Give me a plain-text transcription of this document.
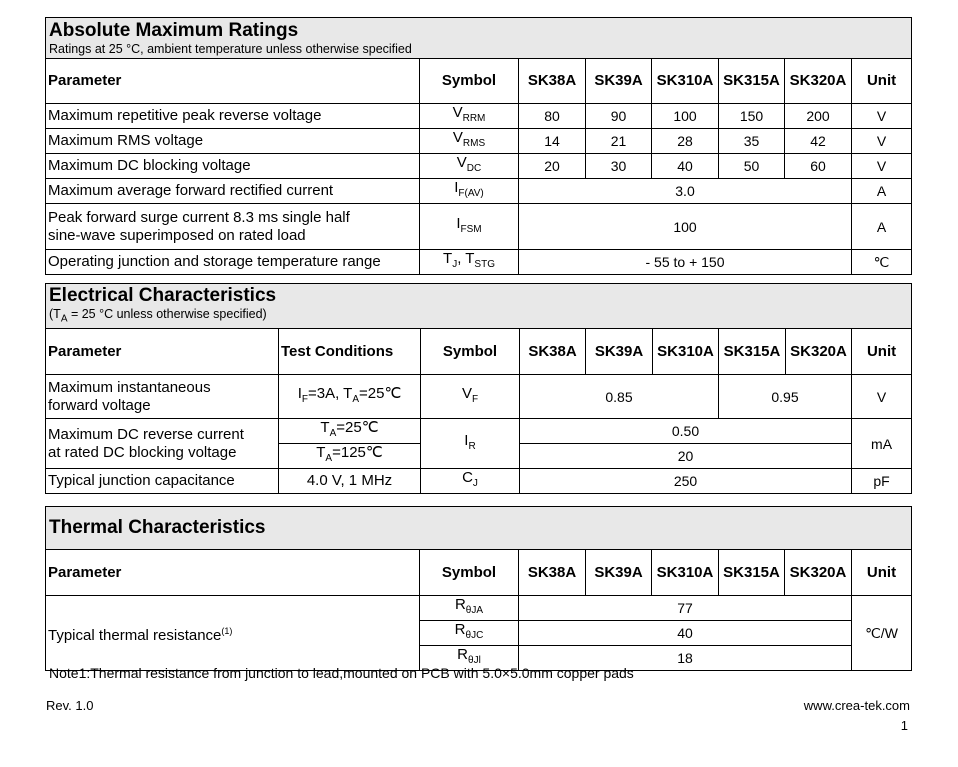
Absolute Maximum Ratings
Ratings at 25 °C, ambient temperature unless otherwise specified							

Parameter	Symbol	SK38A	SK39A	SK310A	SK315A	SK320A	Unit
Maximum repetitive peak reverse voltage	$V_{RRM}$	80	90	100	150	200	V
Maximum RMS voltage	$V_{RMS}$	14	21	28	35	42	V
Maximum DC blocking voltage	$V_{DC}$	20	30	40	50	60	V
Maximum average forward rectified current	$I_{F(AV)}$	3.0					A
Peak forward surge current 8.3 ms single half
sine-wave superimposed on rated load	$I_{FSM}$	100					A
Operating junction and storage temperature range	$T_J$, $T_{STG}$	- 55 to + 150					℃
Electrical Characteristics
($T_A = 25$ °C unless otherwise specified)								

Parameter	Test Conditions	Symbol	SK38A	SK39A	SK310A	SK315A	SK320A	Unit
Maximum instantaneous
forward voltage	$I_F=3A$, $T_A=25℃$	$V_F$	0.85			0.95		V
Maximum DC reverse current
at rated DC blocking voltage	$T_A=25℃$	$I_R$	0.50					mA
	$T_A=125℃$		20					
Typical junction capacitance	4.0 V, 1 MHz	$C_J$	250					pF
Thermal Characteristics							

Parameter	Symbol	SK38A	SK39A	SK310A	SK315A	SK320A	Unit
Typical thermal resistance$^{(1)}$	$R_{\theta JA}$	77					℃/W
	$R_{\theta JC}$	40					
	$R_{\theta Jl}$	18					
Note1:Thermal resistance from junction to lead,mounted on PCB with 5.0×5.0mm copper pads
Rev. 1.0	www.crea-tek.com
1
